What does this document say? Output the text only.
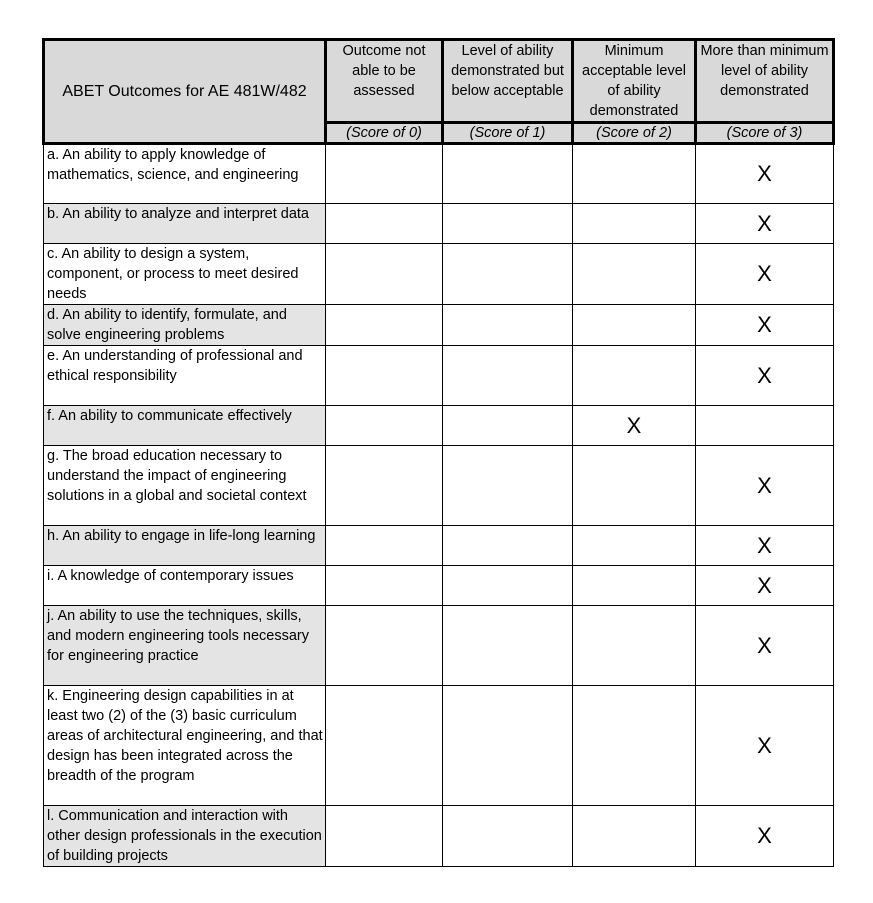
ABET Outcomes for AE 481W/482	Outcome not able to be assessed	Level of ability demonstrated but below acceptable	Minimum acceptable level of ability demonstrated	More than minimum level of ability demonstrated
	(Score of 0)	(Score of 1)	(Score of 2)	(Score of 3)
a. An ability to apply knowledge of mathematics, science, and engineering				X
b. An ability to analyze and interpret data				X
c. An ability to design a system, component, or process to meet desired needs				X
d. An ability to identify, formulate, and solve engineering problems				X
e. An understanding of professional and ethical responsibility				X
f. An ability to communicate effectively			X	
g. The broad education necessary to understand the impact of engineering solutions in a global and societal context				X
h. An ability to engage in life-long learning				X
i. A knowledge of contemporary issues				X
j. An ability to use the techniques, skills, and modern engineering tools necessary for engineering practice				X
k. Engineering design capabilities in at least two (2) of the (3) basic curriculum areas of architectural engineering, and that design has been integrated across the breadth of the program				X
l. Communication and interaction with other design professionals in the execution of building projects				X
